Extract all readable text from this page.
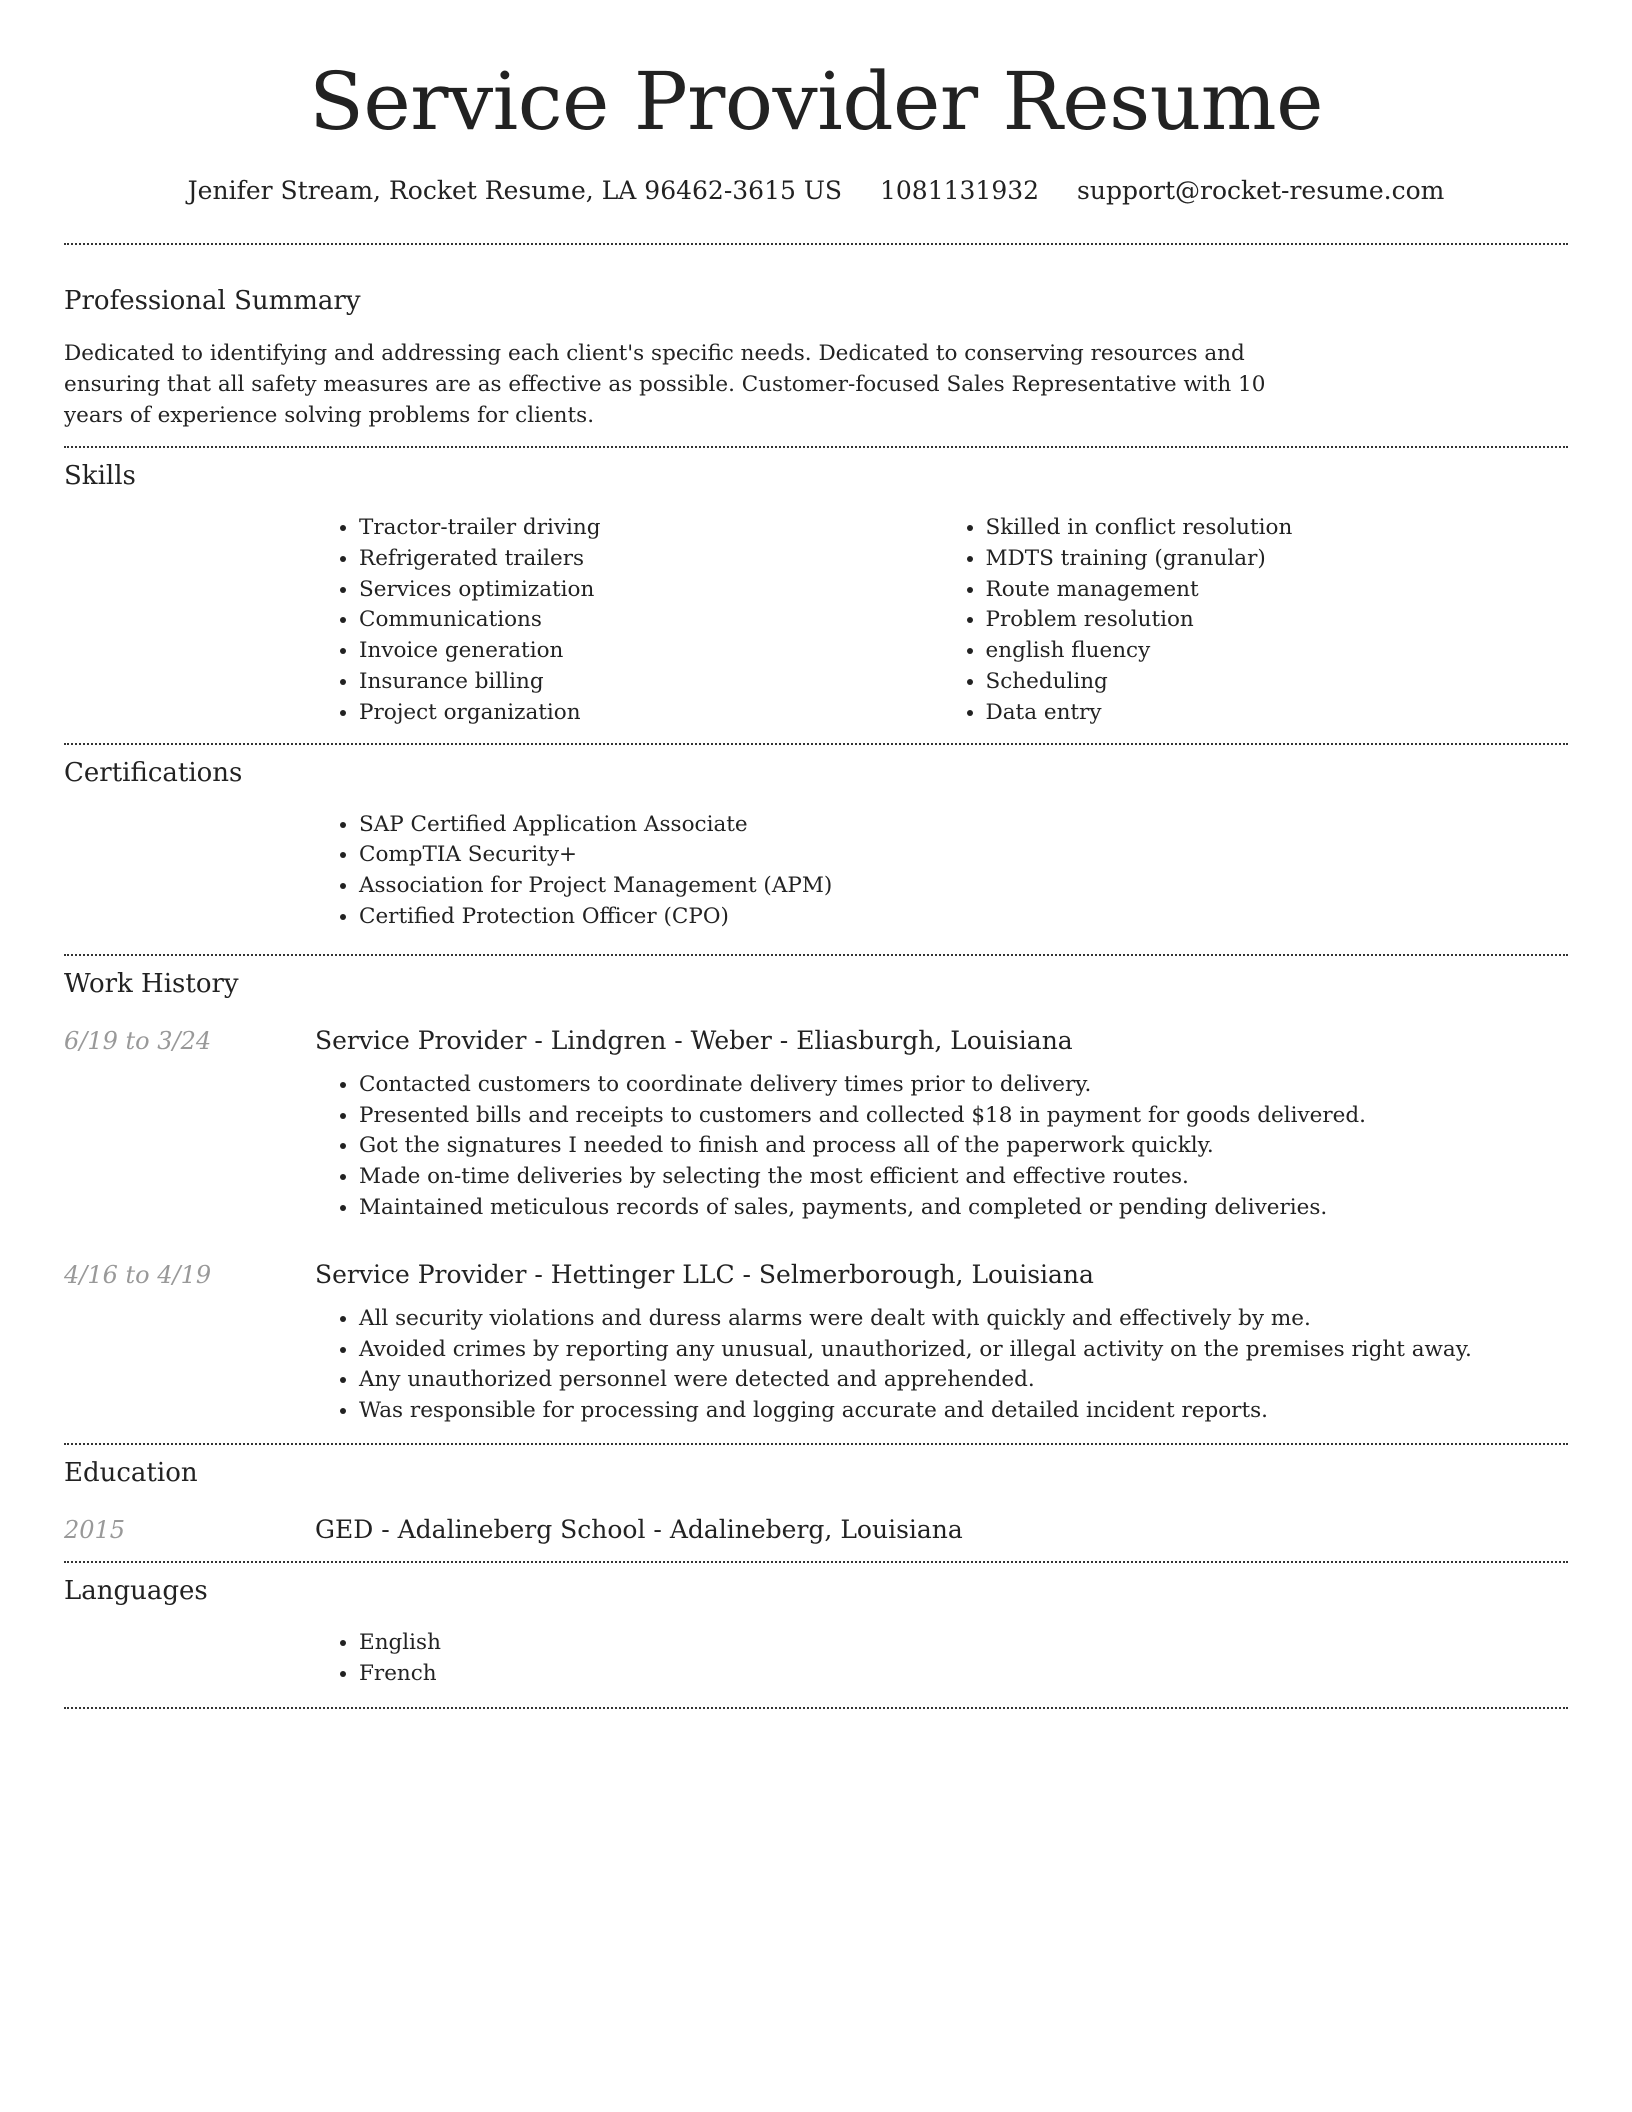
Service Provider Resume
Jenifer Stream, Rocket Resume, LA 96462-3615 US 1081131932 support@rocket-resume.com
Professional Summary

Dedicated to identifying and addressing each client's specific needs. Dedicated to conserving resources and ensuring that all safety measures are as effective as possible. Customer-focused Sales Representative with 10 years of experience solving problems for clients.

Skills
• Tractor-trailer driving
• Refrigerated trailers
• Services optimization
• Communications
• Invoice generation
• Insurance billing
• Project organization
• Skilled in conflict resolution
• MDTS training (granular)
• Route management
• Problem resolution
• english fluency
• Scheduling
• Data entry
Certifications
• SAP Certified Application Associate
• CompTIA Security+
• Association for Project Management (APM)
• Certified Protection Officer (CPO)
Work History
6/19 to 3/24	Service Provider - Lindgren - Weber - Eliasburgh, Louisiana
• Contacted customers to coordinate delivery times prior to delivery.
• Presented bills and receipts to customers and collected $18 in payment for goods delivered.
• Got the signatures I needed to finish and process all of the paperwork quickly.
• Made on-time deliveries by selecting the most efficient and effective routes.
• Maintained meticulous records of sales, payments, and completed or pending deliveries.
4/16 to 4/19	Service Provider - Hettinger LLC - Selmerborough, Louisiana
• All security violations and duress alarms were dealt with quickly and effectively by me.
• Avoided crimes by reporting any unusual, unauthorized, or illegal activity on the premises right away.
• Any unauthorized personnel were detected and apprehended.
• Was responsible for processing and logging accurate and detailed incident reports.
Education
2015	GED - Adalineberg School - Adalineberg, Louisiana
Languages
• English
• French
